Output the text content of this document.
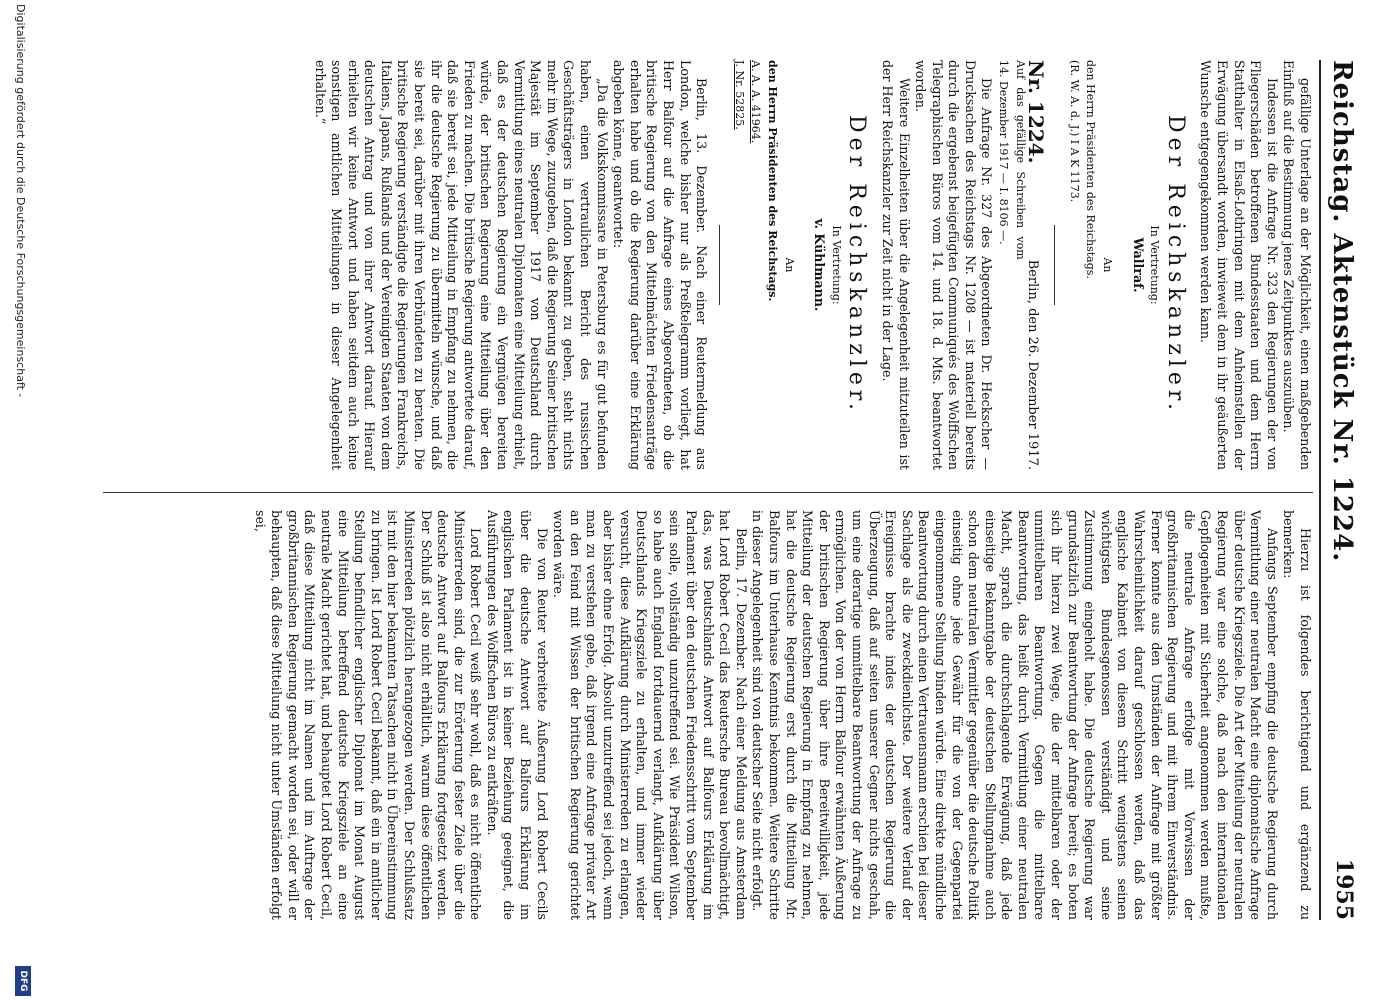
Reichstag. Aktenstück Nr. 1224.
1955

gefällige Unterlage an der Möglichkeit, einen maßgebenden Einfluß auf die Bestimmung jenes Zeitpunktes auszuüben.

Indessen ist die Anfrage Nr. 323 den Regierungen der von Fliegerschäden betroffenen Bundesstaaten und dem Herrn Statthalter in Elsaß-Lothringen mit dem Anheimstellen der Erwägung übersandt worden, inwieweit dem in ihr geäußerten Wunsche entgegengekommen werden kann.

Der Reichskanzler.

In Vertretung:

Wallraf.

An

den Herrn Präsidenten des Reichstags.

(R. W. A. d. J.) I A K 1173.

Nr. 1224.
Berlin, den 26. Dezember 1917.

Auf das gefällige Schreiben vom 14. Dezember 1917 — I. 8106 —.

Die Anfrage Nr. 327 des Abgeordneten Dr. Heckscher — Drucksachen des Reichstags Nr. 1208 — ist materiell bereits durch die ergebenst beigefügten Communiqués des Wolffschen Telegraphischen Büros vom 14. und 18. d. Mts. beantwortet worden.

Weitere Einzelheiten über die Angelegenheit mitzuteilen ist der Herr Reichskanzler zur Zeit nicht in der Lage.

Der Reichskanzler.

In Vertretung:

v. Kühlmann.

An

den Herrn Präsidenten des Reichstags.

A. A. A. 41964.

J. Nr. 52825.

Berlin, 13. Dezember. Nach einer Reutermeldung aus London, welche bisher nur als Preßtelegramm vorliegt, hat Herr Balfour auf die Anfrage eines Abgeordneten, ob die britische Regierung von den Mittelmächten Friedensanträge erhalten habe und ob die Regierung darüber eine Erklärung abgeben könne, geantwortet:

„Da die Volkskommissare in Petersburg es für gut befunden haben, einen vertraulichen Bericht des russischen Geschäftsträgers in London bekannt zu geben, steht nichts mehr im Wege, zuzugeben, daß die Regierung Seiner britischen Majestät im September 1917 von Deutschland durch Vermittlung eines neutralen Diplomaten eine Mitteilung erhielt, daß es der deutschen Regierung ein Vergnügen bereiten würde, der britischen Regierung eine Mitteilung über den Frieden zu machen. Die britische Regierung antwortete darauf, daß sie bereit sei, jede Mitteilung in Empfang zu nehmen, die ihr die deutsche Regierung zu übermitteln wünsche, und daß sie bereit sei, darüber mit ihren Verbündeten zu beraten. Die britische Regierung verständigte die Regierungen Frankreichs, Italiens, Japans, Rußlands und der Vereinigten Staaten von dem deutschen Antrag und von ihrer Antwort darauf. Hierauf erhielten wir keine Antwort und haben seitdem auch keine sonstigen amtlichen Mitteilungen in dieser Angelegenheit erhalten.“

Hierzu ist folgendes berichtigend und ergänzend zu bemerken:

Anfangs September empfing die deutsche Regierung durch Vermittlung einer neutralen Macht eine diplomatische Anfrage über deutsche Kriegsziele. Die Art der Mitteilung der neutralen Regierung war eine solche, daß nach den internationalen Gepflogenheiten mit Sicherheit angenommen werden mußte, die neutrale Anfrage erfolge mit Vorwissen der großbritannischen Regierung und mit ihrem Einverständnis. Ferner konnte aus den Umständen der Anfrage mit größter Wahrscheinlichkeit darauf geschlossen werden, daß das englische Kabinett von diesem Schritt wenigstens seinen wichtigsten Bundesgenossen verständigt und seine Zustimmung eingeholt habe. Die deutsche Regierung war grundsätzlich zur Beantwortung der Anfrage bereit; es boten sich ihr hierzu zwei Wege, die der mittelbaren oder der unmittelbaren Beantwortung. Gegen die mittelbare Beantwortung, das heißt durch Vermittlung einer neutralen Macht, sprach die durchschlagende Erwägung, daß jede einseitige Bekanntgabe der deutschen Stellungnahme auch schon dem neutralen Vermittler gegenüber die deutsche Politik einseitig ohne jede Gewähr für die von der Gegenpartei eingenommene Stellung binden würde. Eine direkte mündliche Beantwortung durch einen Vertrauensmann erschien bei dieser Sachlage als die zweckdienlichste. Der weitere Verlauf der Ereignisse brachte indes der deutschen Regierung die Überzeugung, daß auf seiten unserer Gegner nichts geschah, um eine derartige unmittelbare Beantwortung der Anfrage zu ermöglichen. Von der von Herrn Balfour erwähnten Äußerung der britischen Regierung über ihre Bereitwilligkeit, jede Mitteilung der deutschen Regierung in Empfang zu nehmen, hat die deutsche Regierung erst durch die Mitteilung Mr. Balfours im Unterhause Kenntnis bekommen. Weitere Schritte in dieser Angelegenheit sind von deutscher Seite nicht erfolgt.

Berlin, 17. Dezember. Nach einer Meldung aus Amsterdam hat Lord Robert Cecil das Reutersche Bureau bevollmächtigt, das, was Deutschlands Antwort auf Balfours Erklärung im Parlament über den deutschen Friedensschritt vom September sein solle, vollständig unzutreffend sei. Wie Präsident Wilson, so habe auch England fortdauernd verlangt, Aufklärung über Deutschlands Kriegsziele zu erhalten, und immer wieder versucht, diese Aufklärung durch Ministerreden zu erlangen, aber bisher ohne Erfolg. Absolut unzutreffend sei jedoch, wenn man zu verstehen gebe, daß irgend eine Anfrage privater Art an den Feind mit Wissen der britischen Regierung gerichtet worden wäre.

Die von Reuter verbreitete Äußerung Lord Robert Cecils über die deutsche Antwort auf Balfours Erklärung im englischen Parlament ist in keiner Beziehung geeignet, die Ausführungen des Wolffschen Büros zu entkräften.

Lord Robert Cecil weiß sehr wohl, daß es nicht öffentliche Ministerreden sind, die zur Erörterung fester Ziele über die deutsche Antwort auf Balfours Erklärung fortgesetzt werden. Der Schluß ist also nicht erhältlich, warum diese öffentlichen Ministerreden plötzlich herangezogen werden. Der Schlußsatz ist mit den hier bekannten Tatsachen nicht in Übereinstimmung zu bringen. Ist Lord Robert Cecil bekannt, daß ein in amtlicher Stellung befindlicher englischer Diplomat im Monat August eine Mitteilung betreffend deutsche Kriegsziele an eine neutrale Macht gerichtet hat, und behauptet Lord Robert Cecil, daß diese Mitteilung nicht im Namen und im Auftrage der großbritannischen Regierung gemacht worden sei, oder will er behaupten, daß diese Mitteilung nicht unter Umständen erfolgt sei,

Digitalisierung gefördert durch die Deutsche Forschungsgemeinschaft -
DFG
